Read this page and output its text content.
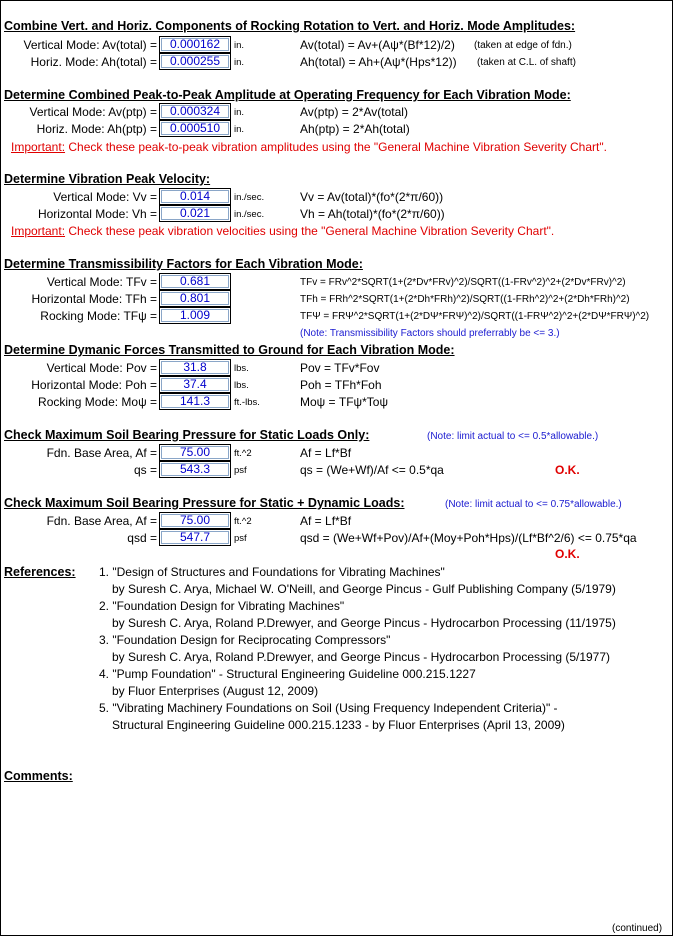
Combine Vert. and Horiz. Components of Rocking Rotation to Vert. and Horiz. Mode Amplitudes:
Vertical Mode: Av(total) =	0.000162	in.	Av(total) = Av+(Aψ*(Bf*12)/2) (taken at edge of fdn.)
Horiz. Mode: Ah(total) =	0.000255	in.	Ah(total) = Ah+(Aψ*(Hps*12)) (taken at C.L. of shaft)
Determine Combined Peak-to-Peak Amplitude at Operating Frequency for Each Vibration Mode:
Vertical Mode: Av(ptp) =	0.000324	in.	Av(ptp) = 2*Av(total)
Horiz. Mode: Ah(ptp) =	0.000510	in.	Ah(ptp) = 2*Ah(total)
Important: Check these peak-to-peak vibration amplitudes using the "General Machine Vibration Severity Chart".
Determine Vibration Peak Velocity:
Vertical Mode: Vv =	0.014	in./sec.	Vv = Av(total)*(fo*(2*π/60))
Horizontal Mode: Vh =	0.021	in./sec.	Vh = Ah(total)*(fo*(2*π/60))
Important: Check these peak vibration velocities using the "General Machine Vibration Severity Chart".
Determine Transmissibility Factors for Each Vibration Mode:
Vertical Mode: TFv =	0.681	TFv = FRv^2*SQRT(1+(2*Dv*FRv)^2)/SQRT((1-FRv^2)^2+(2*Dv*FRv)^2)
Horizontal Mode: TFh =	0.801	TFh = FRh^2*SQRT(1+(2*Dh*FRh)^2)/SQRT((1-FRh^2)^2+(2*Dh*FRh)^2)
Rocking Mode: TFψ =	1.009	TFΨ = FRΨ^2*SQRT(1+(2*DΨ*FRΨ)^2)/SQRT((1-FRΨ^2)^2+(2*DΨ*FRΨ)^2)
(Note: Transmissibility Factors should preferrably be <= 3.)
Determine Dymanic Forces Transmitted to Ground for Each Vibration Mode:
Vertical Mode: Pov =	31.8	lbs.	Pov = TFv*Fov
Horizontal Mode: Poh =	37.4	lbs.	Poh = TFh*Foh
Rocking Mode: Moψ =	141.3	ft.-lbs.	Moψ = TFψ*Toψ
Check Maximum Soil Bearing Pressure for Static Loads Only:	(Note: limit actual to <= 0.5*allowable.)
Fdn. Base Area, Af =	75.00	ft.^2	Af = Lf*Bf
qs =	543.3	psf	qs = (We+Wf)/Af <= 0.5*qa	O.K.
Check Maximum Soil Bearing Pressure for Static + Dynamic Loads:	(Note: limit actual to <= 0.75*allowable.)
Fdn. Base Area, Af =	75.00	ft.^2	Af = Lf*Bf
qsd =	547.7	psf	qsd = (We+Wf+Pov)/Af+(Moy+Poh*Hps)/(Lf*Bf^2/6) <= 0.75*qa
O.K.
References: 1. "Design of Structures and Foundations for Vibrating Machines"
by Suresh C. Arya, Michael W. O'Neill, and George Pincus - Gulf Publishing Company (5/1979)
2. "Foundation Design for Vibrating Machines"
by Suresh C. Arya, Roland P.Drewyer, and George Pincus - Hydrocarbon Processing (11/1975)
3. "Foundation Design for Reciprocating Compressors"
by Suresh C. Arya, Roland P.Drewyer, and George Pincus - Hydrocarbon Processing (5/1977)
4. "Pump Foundation" - Structural Engineering Guideline 000.215.1227
by Fluor Enterprises (August 12, 2009)
5. "Vibrating Machinery Foundations on Soil (Using Frequency Independent Criteria)" -
Structural Engineering Guideline 000.215.1233 - by Fluor Enterprises (April 13, 2009)
Comments:
(continued)
